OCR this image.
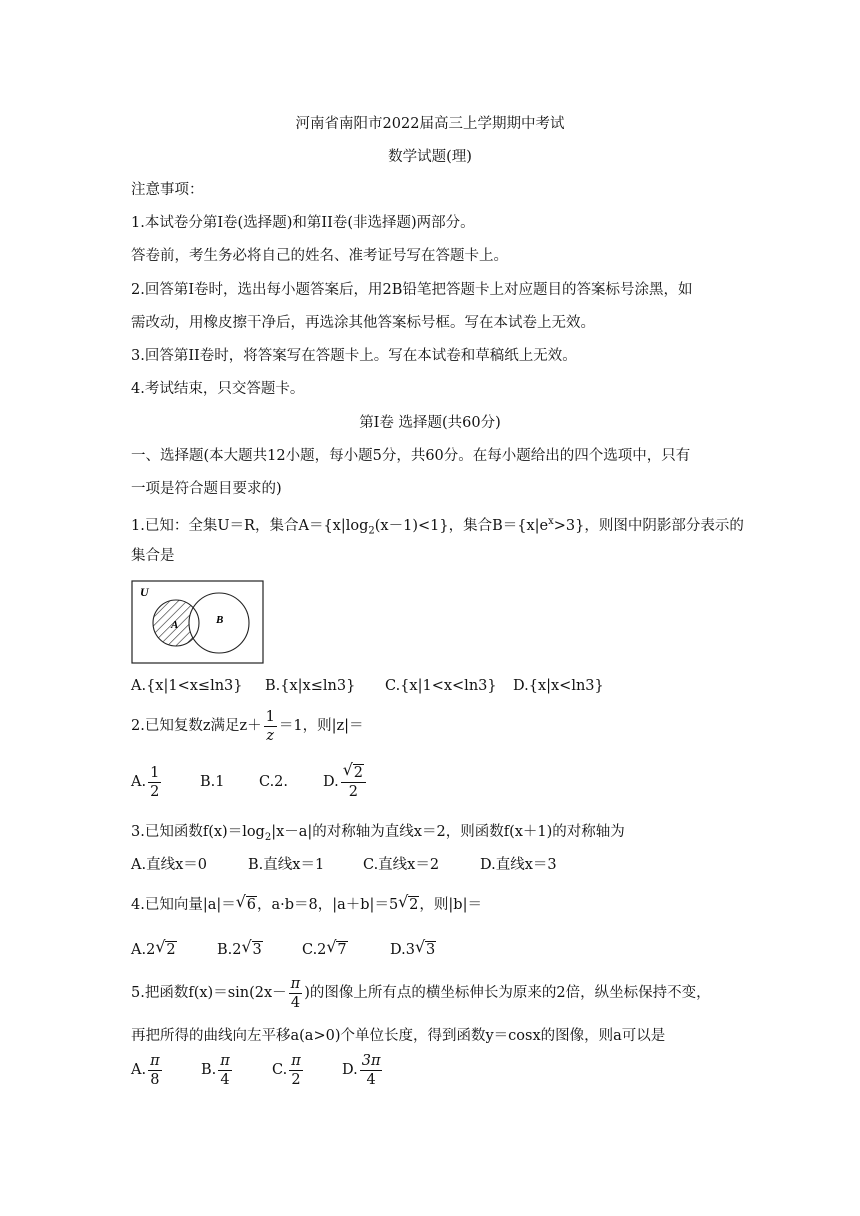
河南省南阳市2022届高三上学期期中考试
数学试题(理)
注意事项：
1.本试卷分第I卷(选择题)和第II卷(非选择题)两部分。
答卷前，考生务必将自己的姓名、准考证号写在答题卡上。
2.回答第I卷时，选出每小题答案后，用2B铅笔把答题卡上对应题目的答案标号涂黑，如
需改动，用橡皮擦干净后，再选涂其他答案标号框。写在本试卷上无效。
3.回答第II卷时，将答案写在答题卡上。写在本试卷和草稿纸上无效。
4.考试结束，只交答题卡。
第I卷 选择题(共60分)
一、选择题(本大题共12小题，每小题5分，共60分。在每小题给出的四个选项中，只有
一项是符合题目要求的)
1.已知：全集U＝R，集合$A=\{x|\log_2(x-1)<1\}$，集合$B=\{x|e^x>3\}$，则图中阴影部分表示的
集合是
U
A	B
A.{x|1<x≤ln3} B.{x|x≤ln3} C.{x|1<x<ln3} D.{x|x<ln3}
2.已知复数z满足$z+ \frac{1}{z} =1$，则|z|＝
A. $\frac{1}{2}$	B.1 C.2. D. $\frac{√ 2}{2}$
3.已知函数$f(x)=\log_2|x-a|$的对称轴为直线x＝2，则函数f(x＋1)的对称轴为
A.直线x＝0	B.直线x＝1	C.直线x＝2	D.直线x＝3
4.已知向量|a|＝ √ 6，a·b＝8，|a＋b|＝5 √ 2，则|b|＝
A.2 √ 2	B.2 √ 3	C.2 √ 7	D.3 √ 3
5.把函数$f(x)=\sin(2x- \frac{\pi}{4}$ )的图像上所有点的横坐标伸长为原来的2倍，纵坐标保持不变，
再把所得的曲线向左平移a(a>0)个单位长度，得到函数y＝cosx的图像，则a可以是
A. $\frac{\pi}{8}$	B. $\frac{\pi}{4}$	C. $\frac{\pi}{2}$	D. $\frac{3\pi}{4}$
